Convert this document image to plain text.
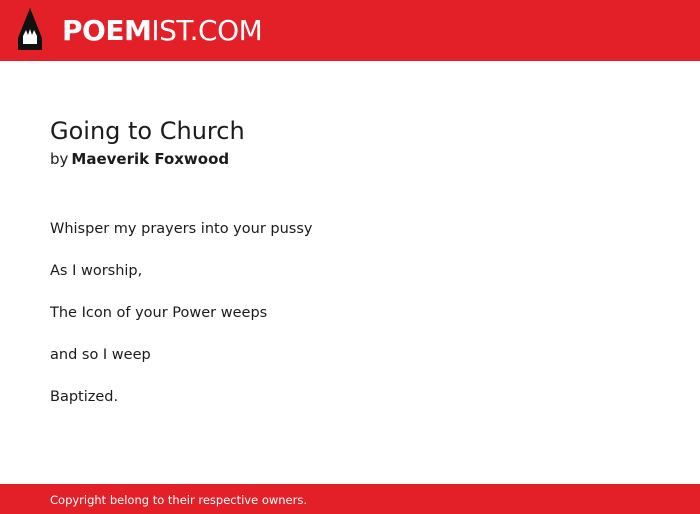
POEMIST.COM
Going to Church
by Maeverik Foxwood
Whisper my prayers into your pussy
As I worship,
The Icon of your Power weeps
and so I weep
Baptized.
Copyright belong to their respective owners.
